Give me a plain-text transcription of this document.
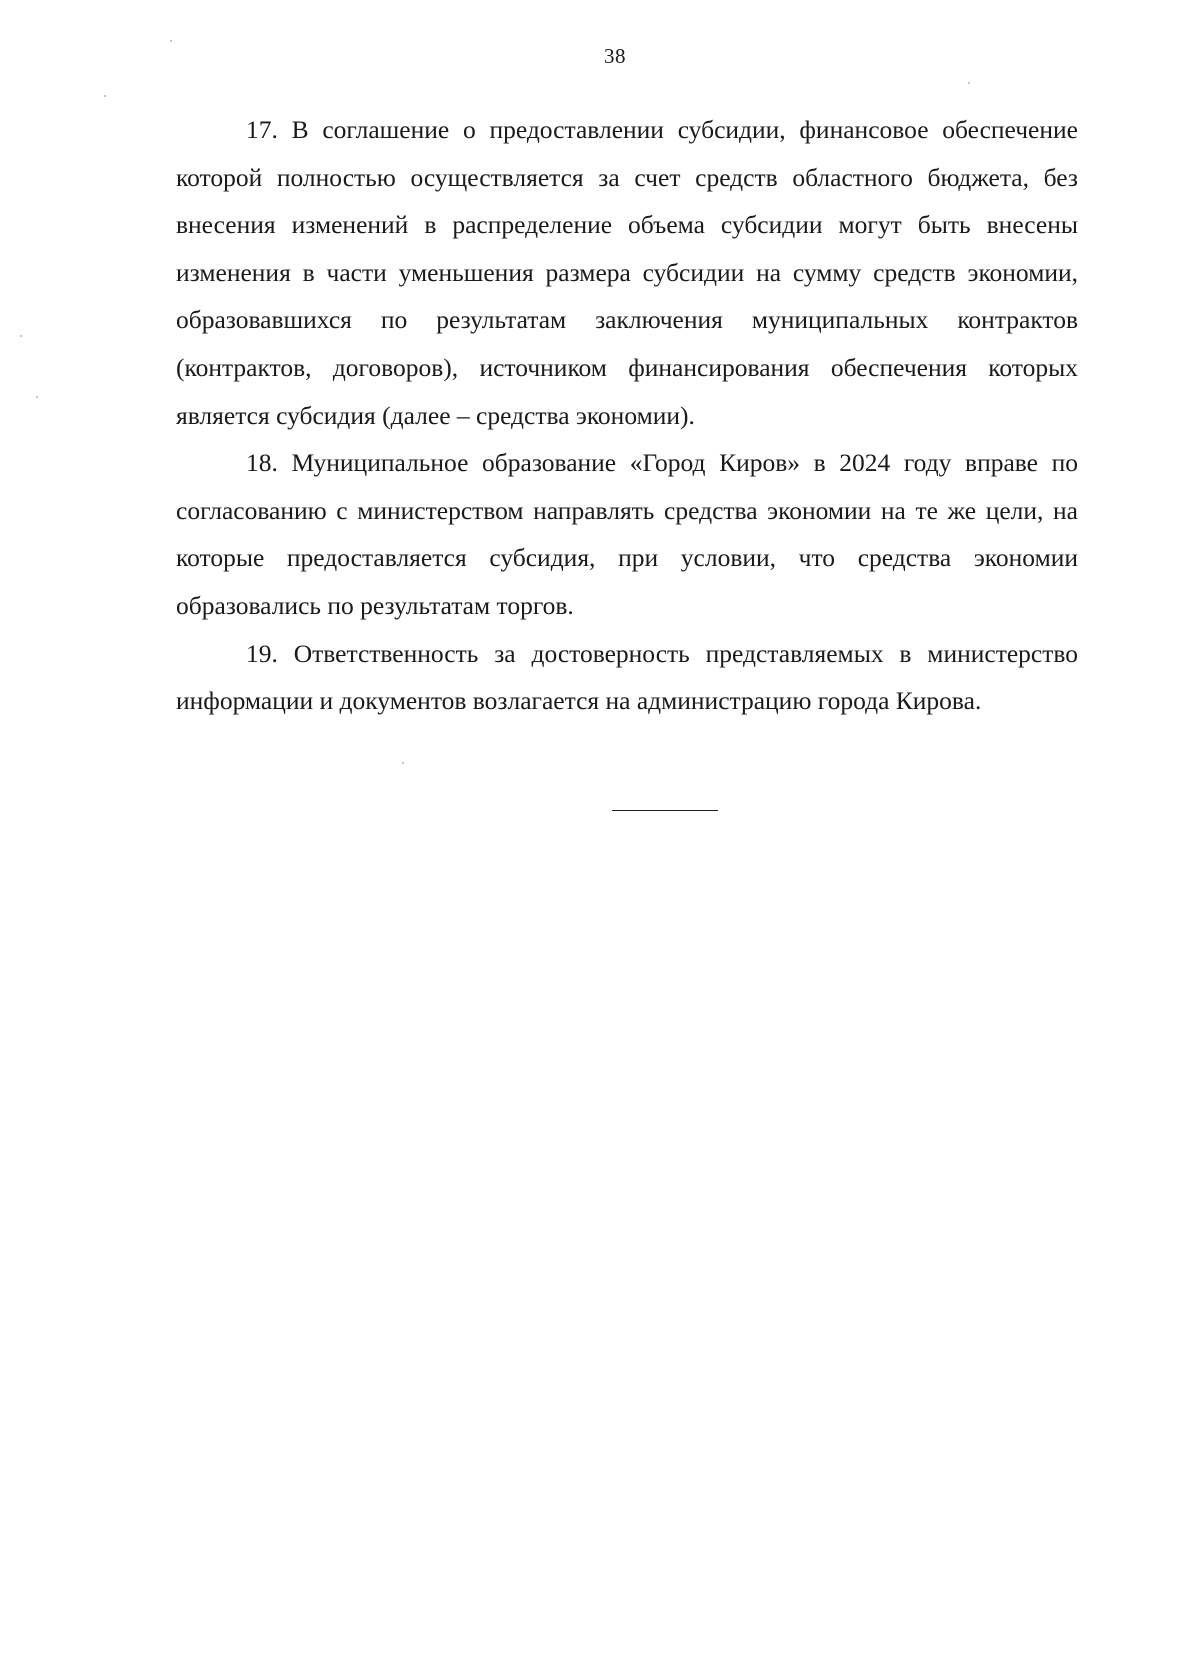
38

17. В соглашение о предоставлении субсидии, финансовое обеспечение которой полностью осуществляется за счет средств областного бюджета, без внесения изменений в распределение объема субсидии могут быть внесены изменения в части уменьшения размера субсидии на сумму средств экономии, образовавшихся по результатам заключения муниципальных контрактов (контрактов, договоров), источником финансирования обеспечения которых является субсидия (далее – средства экономии).

18. Муниципальное образование «Город Киров» в 2024 году вправе по согласованию с министерством направлять средства экономии на те же цели, на которые предоставляется субсидия, при условии, что средства экономии образовались по результатам торгов.

19. Ответственность за достоверность представляемых в министерство информации и документов возлагается на администрацию города Кирова.
